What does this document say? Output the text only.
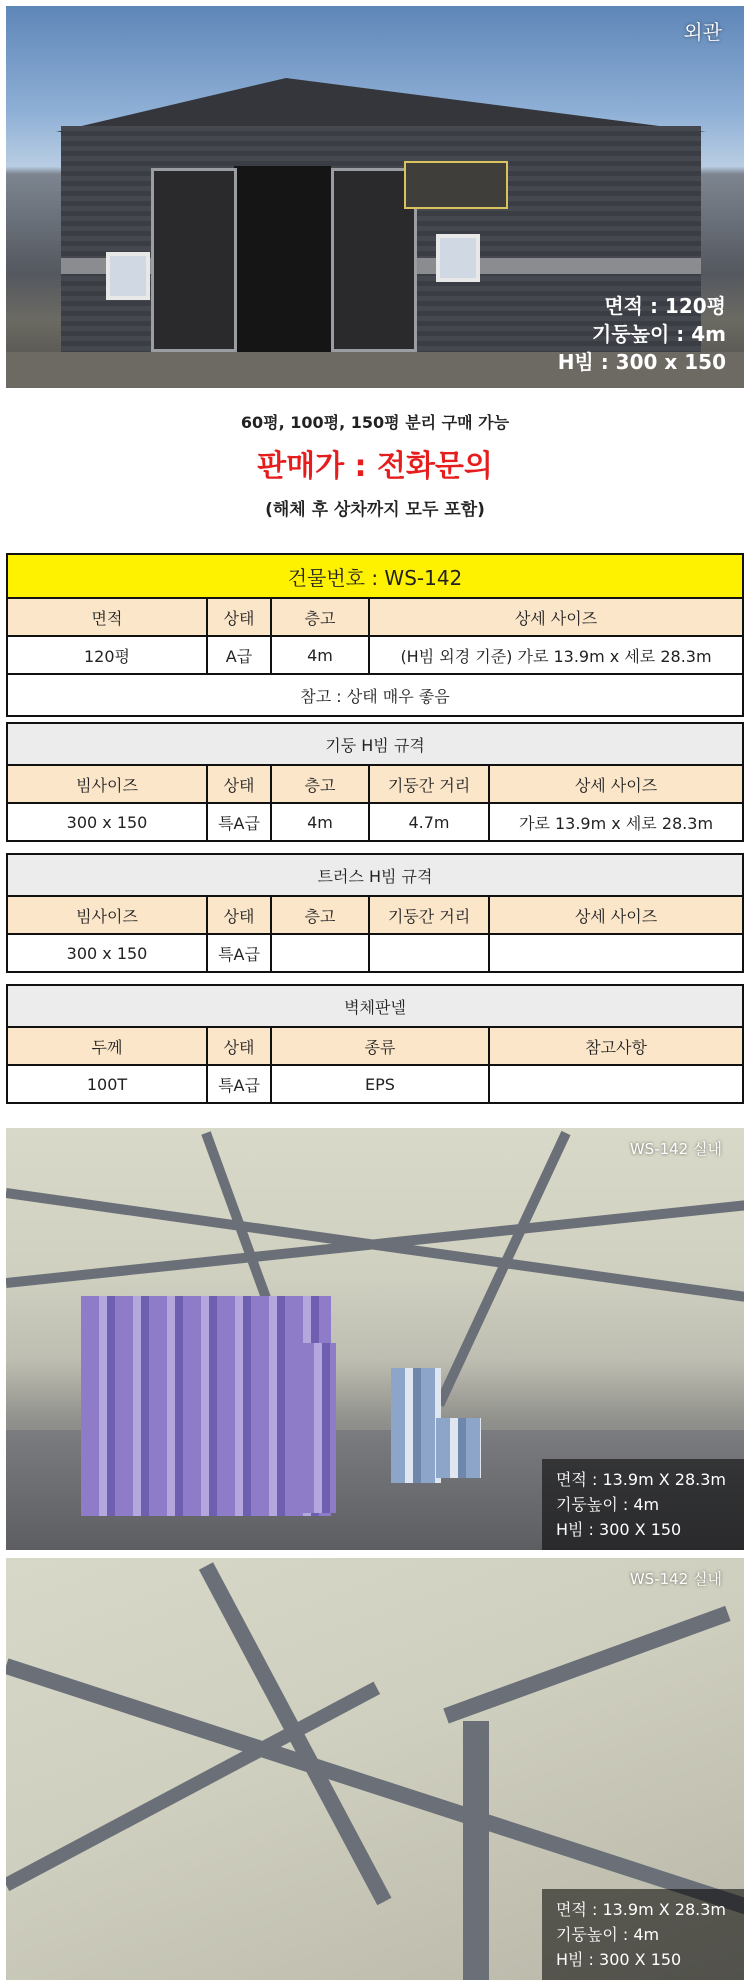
외관
면적 : 120평
기둥높이 : 4m
H빔 : 300 x 150
60평, 100평, 150평 분리 구매 가능
판매가 : 전화문의
(해체 후 상차까지 모두 포함)
건물번호 : WS-142			
면적	상태	층고	상세 사이즈
120평	A급	4m	(H빔 외경 기준) 가로 13.9m x 세로 28.3m
참고 : 상태 매우 좋음			
기둥 H빔 규격				
빔사이즈	상태	층고	기둥간 거리	상세 사이즈
300 x 150	특A급	4m	4.7m	가로 13.9m x 세로 28.3m
트러스 H빔 규격				
빔사이즈	상태	층고	기둥간 거리	상세 사이즈
300 x 150	특A급			
벽체판넬			
두께	상태	종류	참고사항
100T	특A급	EPS	
WS-142 실내
면적 : 13.9m X 28.3m
기둥높이 : 4m
H빔 : 300 X 150
WS-142 실내
면적 : 13.9m X 28.3m
기둥높이 : 4m
H빔 : 300 X 150
